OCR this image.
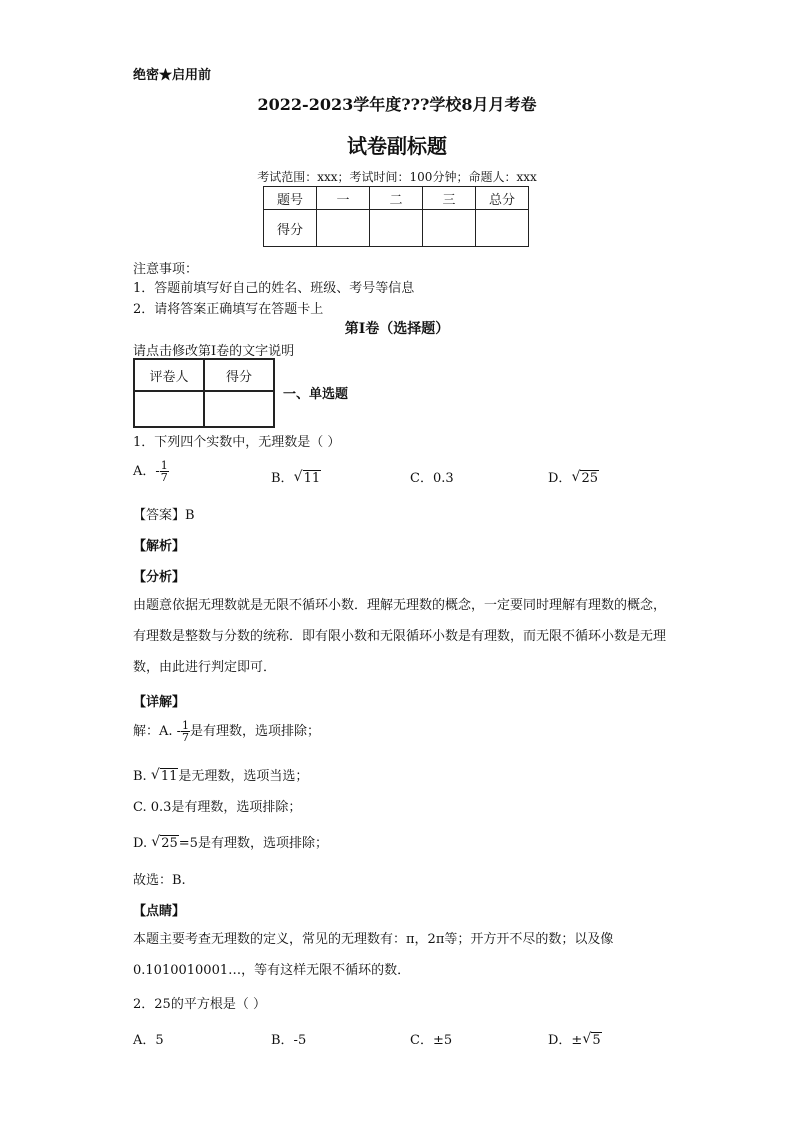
绝密★启用前
2022-2023学年度???学校8月月考卷
试卷副标题
考试范围：xxx；考试时间：100分钟；命题人：xxx
题号	一	二	三	总分
得分				
注意事项：
1．答题前填写好自己的姓名、班级、考号等信息
2．请将答案正确填写在答题卡上
第I卷（选择题）
请点击修改第I卷的文字说明
评卷人	得分

一、单选题
1．下列四个实数中，无理数是（ ）
A．- $\frac{1}{7}$	B． √ 11	C．0.3	D． √ 25
【答案】B
【解析】
【分析】
由题意依据无理数就是无限不循环小数．理解无理数的概念，一定要同时理解有理数的概念，有理数是整数与分数的统称．即有限小数和无限循环小数是有理数，而无限不循环小数是无理数，由此进行判定即可．
【详解】
解：A. - $\frac{1}{7}$ 是有理数，选项排除；
B. √ 11是无理数，选项当选；
C. 0.3是有理数，选项排除；
D. √ 25=5是有理数，选项排除；
故选：B.
【点睛】
本题主要考查无理数的定义，常见的无理数有：π，2π等；开方开不尽的数；以及像0.1010010001…，等有这样无限不循环的数．
2．25的平方根是（ ）
A．5	B．-5	C．±5	D．± √ 5
